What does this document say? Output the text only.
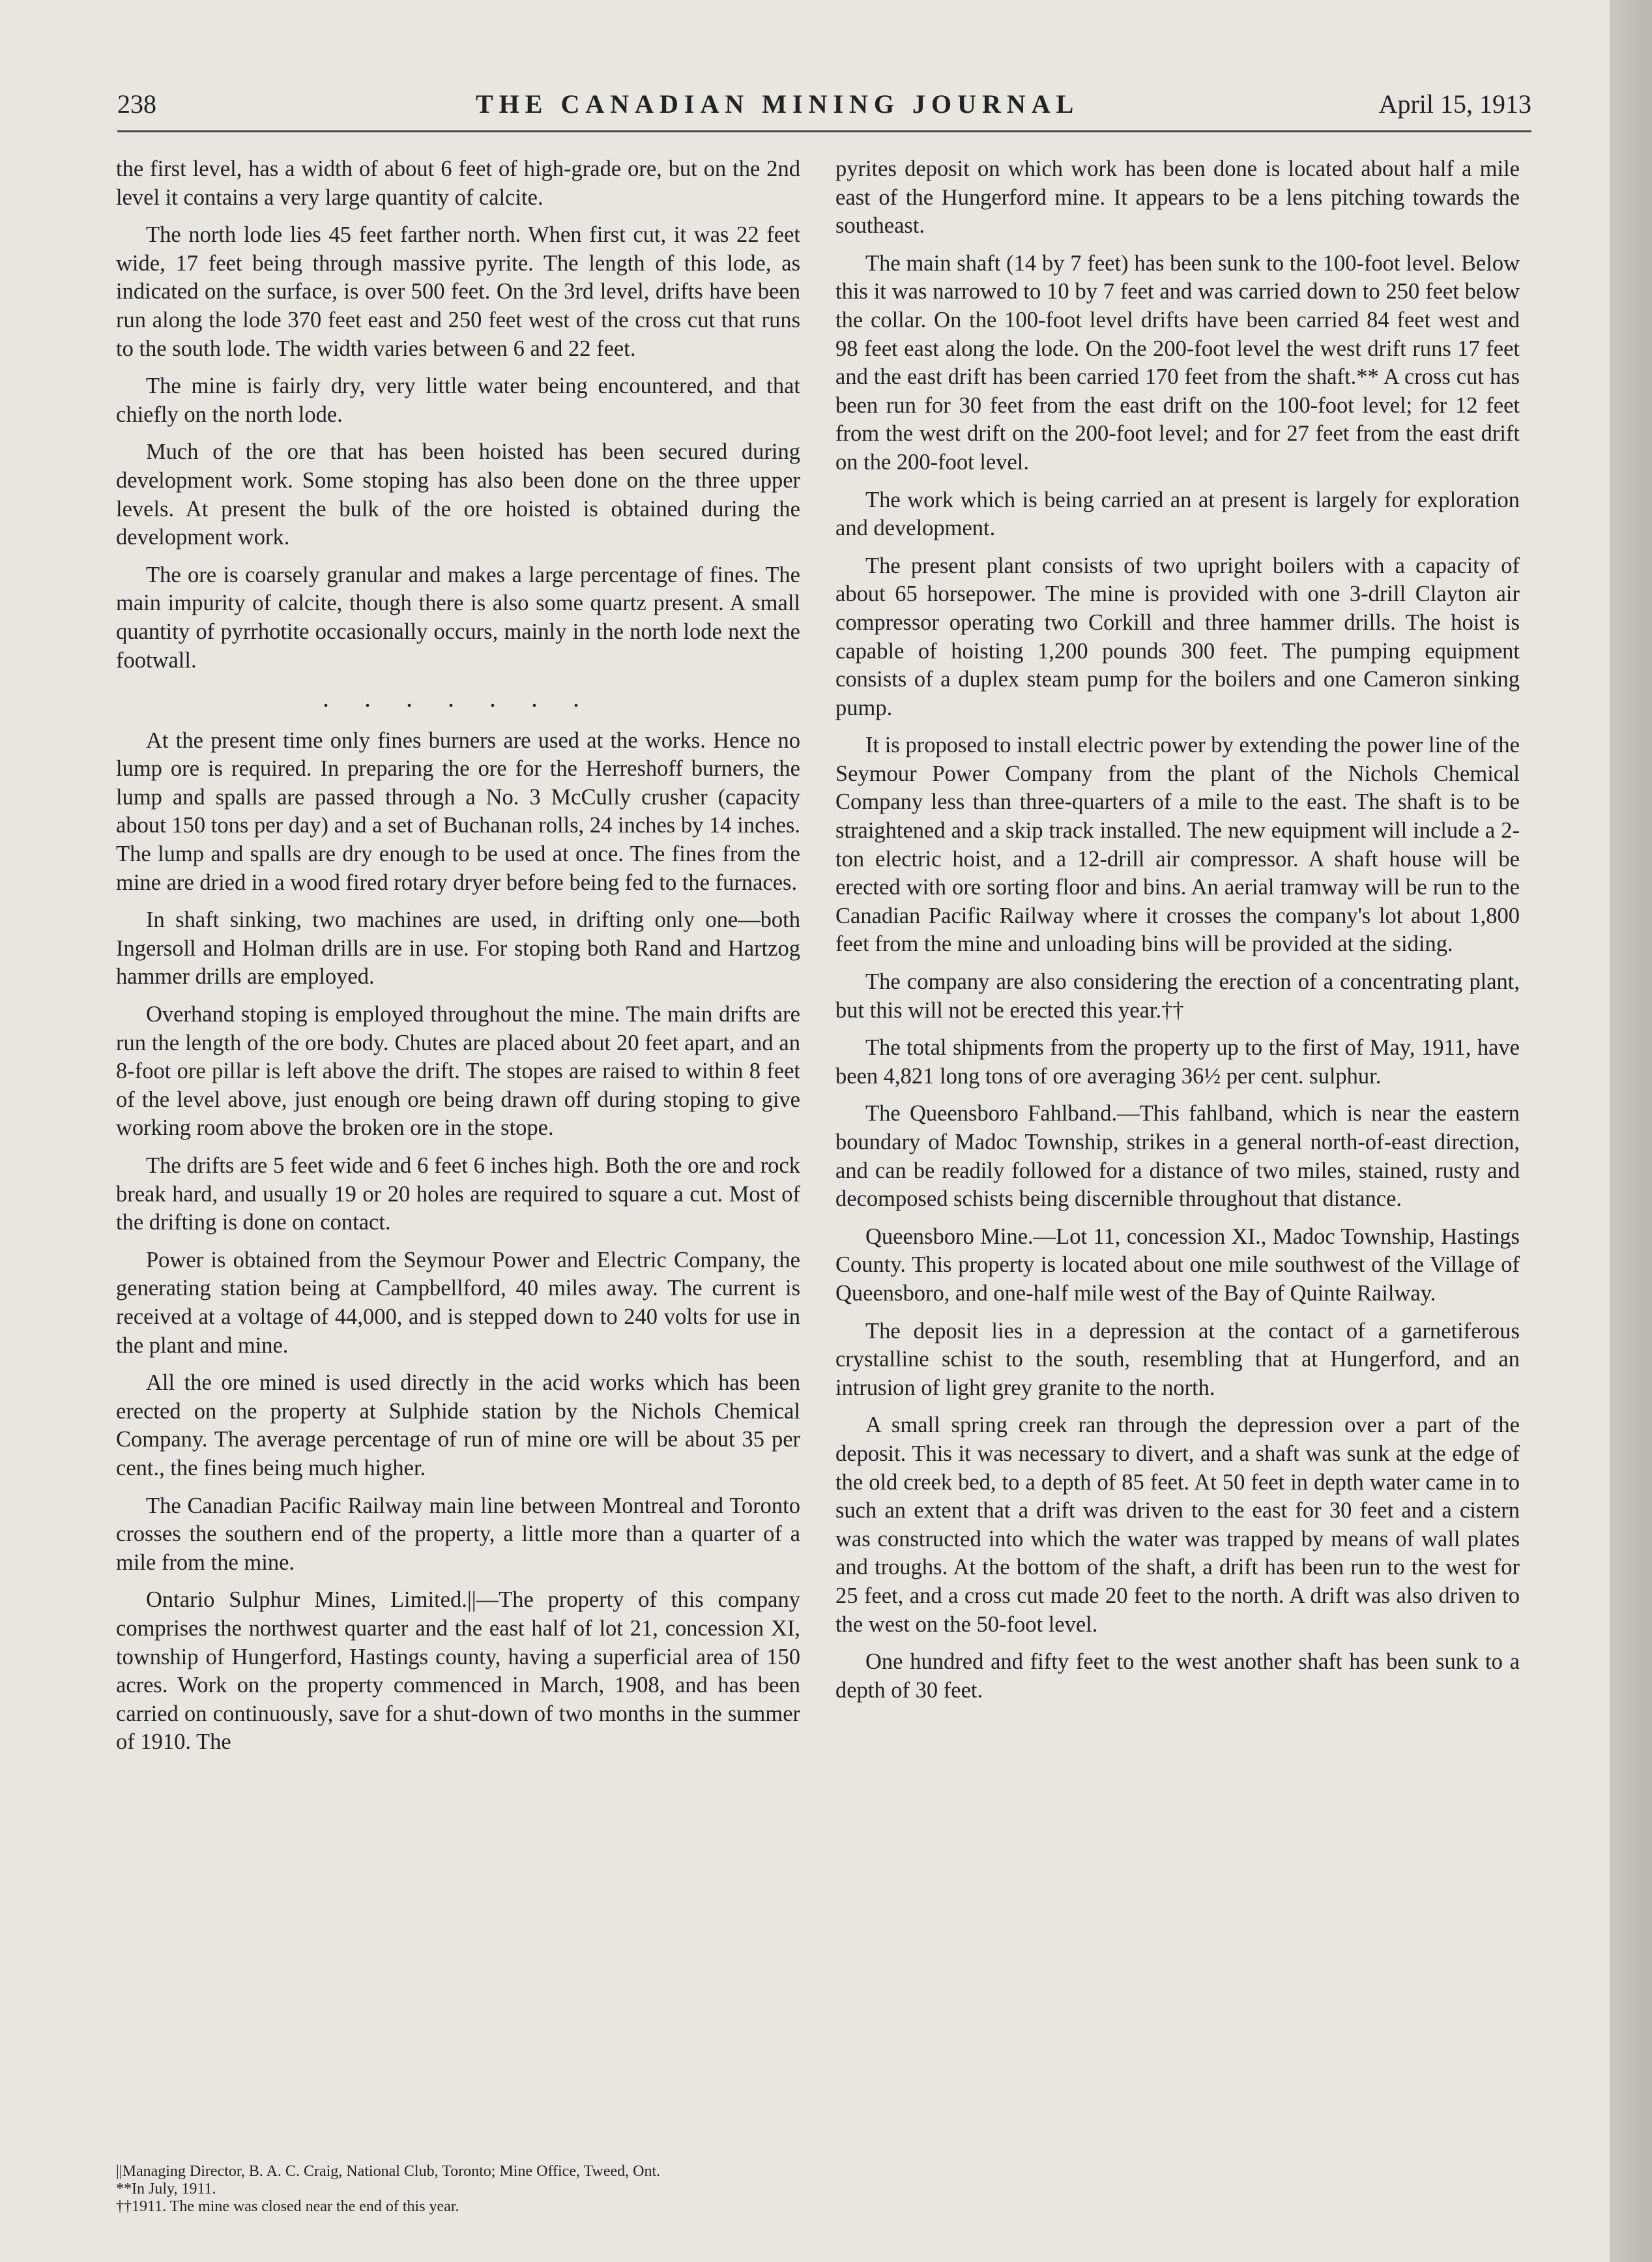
238	THE CANADIAN MINING JOURNAL	April 15, 1913

the first level, has a width of about 6 feet of high-grade ore, but on the 2nd level it contains a very large quantity of calcite.

The north lode lies 45 feet farther north. When first cut, it was 22 feet wide, 17 feet being through massive pyrite. The length of this lode, as indicated on the surface, is over 500 feet. On the 3rd level, drifts have been run along the lode 370 feet east and 250 feet west of the cross cut that runs to the south lode. The width varies between 6 and 22 feet.

The mine is fairly dry, very little water being encountered, and that chiefly on the north lode.

Much of the ore that has been hoisted has been secured during development work. Some stoping has also been done on the three upper levels. At present the bulk of the ore hoisted is obtained during the development work.

The ore is coarsely granular and makes a large percentage of fines. The main impurity of calcite, though there is also some quartz present. A small quantity of pyrrhotite occasionally occurs, mainly in the north lode next the footwall.

. . . . . . .

At the present time only fines burners are used at the works. Hence no lump ore is required. In preparing the ore for the Herreshoff burners, the lump and spalls are passed through a No. 3 McCully crusher (capacity about 150 tons per day) and a set of Buchanan rolls, 24 inches by 14 inches. The lump and spalls are dry enough to be used at once. The fines from the mine are dried in a wood fired rotary dryer before being fed to the furnaces.

In shaft sinking, two machines are used, in drifting only one—both Ingersoll and Holman drills are in use. For stoping both Rand and Hartzog hammer drills are employed.

Overhand stoping is employed throughout the mine. The main drifts are run the length of the ore body. Chutes are placed about 20 feet apart, and an 8-foot ore pillar is left above the drift. The stopes are raised to within 8 feet of the level above, just enough ore being drawn off during stoping to give working room above the broken ore in the stope.

The drifts are 5 feet wide and 6 feet 6 inches high. Both the ore and rock break hard, and usually 19 or 20 holes are required to square a cut. Most of the drifting is done on contact.

Power is obtained from the Seymour Power and Electric Company, the generating station being at Campbellford, 40 miles away. The current is received at a voltage of 44,000, and is stepped down to 240 volts for use in the plant and mine.

All the ore mined is used directly in the acid works which has been erected on the property at Sulphide station by the Nichols Chemical Company. The average percentage of run of mine ore will be about 35 per cent., the fines being much higher.

The Canadian Pacific Railway main line between Montreal and Toronto crosses the southern end of the property, a little more than a quarter of a mile from the mine.

Ontario Sulphur Mines, Limited.||—The property of this company comprises the northwest quarter and the east half of lot 21, concession XI, township of Hungerford, Hastings county, having a superficial area of 150 acres. Work on the property commenced in March, 1908, and has been carried on continuously, save for a shut-down of two months in the summer of 1910. The

pyrites deposit on which work has been done is located about half a mile east of the Hungerford mine. It appears to be a lens pitching towards the southeast.

The main shaft (14 by 7 feet) has been sunk to the 100-foot level. Below this it was narrowed to 10 by 7 feet and was carried down to 250 feet below the collar. On the 100-foot level drifts have been carried 84 feet west and 98 feet east along the lode. On the 200-foot level the west drift runs 17 feet and the east drift has been carried 170 feet from the shaft.** A cross cut has been run for 30 feet from the east drift on the 100-foot level; for 12 feet from the west drift on the 200-foot level; and for 27 feet from the east drift on the 200-foot level.

The work which is being carried an at present is largely for exploration and development.

The present plant consists of two upright boilers with a capacity of about 65 horsepower. The mine is provided with one 3-drill Clayton air compressor operating two Corkill and three hammer drills. The hoist is capable of hoisting 1,200 pounds 300 feet. The pumping equipment consists of a duplex steam pump for the boilers and one Cameron sinking pump.

It is proposed to install electric power by extending the power line of the Seymour Power Company from the plant of the Nichols Chemical Company less than three-quarters of a mile to the east. The shaft is to be straightened and a skip track installed. The new equipment will include a 2-ton electric hoist, and a 12-drill air compressor. A shaft house will be erected with ore sorting floor and bins. An aerial tramway will be run to the Canadian Pacific Railway where it crosses the company's lot about 1,800 feet from the mine and unloading bins will be provided at the siding.

The company are also considering the erection of a concentrating plant, but this will not be erected this year.††

The total shipments from the property up to the first of May, 1911, have been 4,821 long tons of ore averaging 36½ per cent. sulphur.

The Queensboro Fahlband.—This fahlband, which is near the eastern boundary of Madoc Township, strikes in a general north-of-east direction, and can be readily followed for a distance of two miles, stained, rusty and decomposed schists being discernible throughout that distance.

Queensboro Mine.—Lot 11, concession XI., Madoc Township, Hastings County. This property is located about one mile southwest of the Village of Queensboro, and one-half mile west of the Bay of Quinte Railway.

The deposit lies in a depression at the contact of a garnetiferous crystalline schist to the south, resembling that at Hungerford, and an intrusion of light grey granite to the north.

A small spring creek ran through the depression over a part of the deposit. This it was necessary to divert, and a shaft was sunk at the edge of the old creek bed, to a depth of 85 feet. At 50 feet in depth water came in to such an extent that a drift was driven to the east for 30 feet and a cistern was constructed into which the water was trapped by means of wall plates and troughs. At the bottom of the shaft, a drift has been run to the west for 25 feet, and a cross cut made 20 feet to the north. A drift was also driven to the west on the 50-foot level.

One hundred and fifty feet to the west another shaft has been sunk to a depth of 30 feet.

||Managing Director, B. A. C. Craig, National Club, Toronto; Mine Office, Tweed, Ont.
**In July, 1911.
††1911. The mine was closed near the end of this year.
